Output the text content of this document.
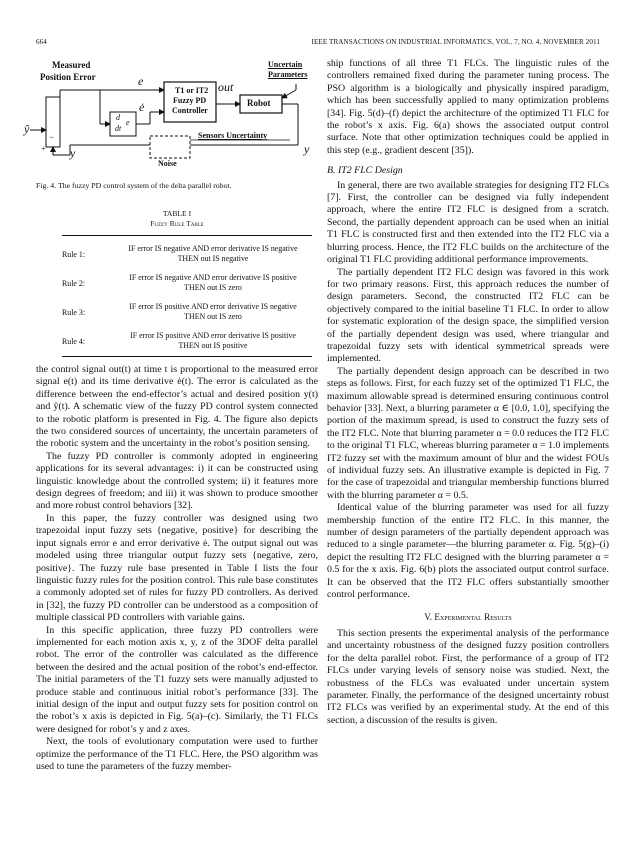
664	IEEE TRANSACTIONS ON INDUSTRIAL INFORMATICS, VOL. 7, NO. 4, NOVEMBER 2011
Measured
Position Error	e
ė
T1 or IT2
Fuzzy PD
Controller
out
Robot
Uncertain
Parameters
d
dt
e
Sensors Uncertainty
Noise
ŷ
y	y
−
+
Fig. 4. The fuzzy PD control system of the delta parallel robot.
TABLE I
Fuzzy Rule Table
Rule 1:
IF error IS negative AND error derivative IS negative
THEN out IS negative
Rule 2:
IF error IS negative AND error derivative IS positive
THEN out IS zero
Rule 3:
IF error IS positive AND error derivative IS negative
THEN out IS zero
Rule 4:
IF error IS positive AND error derivative IS positive
THEN out IS positive

the control signal out(t) at time t is proportional to the measured error signal e(t) and its time derivative ė(t). The error is calculated as the difference between the end-effector’s actual and desired position y(t) and ŷ(t). A schematic view of the fuzzy PD control system connected to the robotic platform is presented in Fig. 4. The figure also depicts the two considered sources of uncertainty, the uncertain parameters of the robotic system and the uncertainty in the robot’s position sensing.

The fuzzy PD controller is commonly adopted in engineering applications for its several advantages: i) it can be constructed using linguistic knowledge about the controlled system; ii) it features more design degrees of freedom; and iii) it was shown to produce smoother and more robust control behaviors [32].

In this paper, the fuzzy controller was designed using two trapezoidal input fuzzy sets {negative, positive} for describing the input signals error e and error derivative ė. The output signal out was modeled using three triangular output fuzzy sets {negative, zero, positive}. The fuzzy rule base presented in Table I lists the four linguistic fuzzy rules for the position control. This rule base constitutes a commonly adopted set of rules for fuzzy PD controllers. As derived in [32], the fuzzy PD controller can be understood as a composition of multiple classical PD controllers with variable gains.

In this specific application, three fuzzy PD controllers were implemented for each motion axis x, y, z of the 3DOF delta parallel robot. The error of the controller was calculated as the difference between the desired and the actual position of the robot’s end-effector. The initial parameters of the T1 fuzzy sets were manually adjusted to produce stable and continuous initial robot’s performance [33]. The initial design of the input and output fuzzy sets for position control on the robot’s x axis is depicted in Fig. 5(a)–(c). Similarly, the T1 FLCs were designed for robot’s y and z axes.

Next, the tools of evolutionary computation were used to further optimize the performance of the T1 FLC. Here, the PSO algorithm was used to tune the parameters of the fuzzy member-

ship functions of all three T1 FLCs. The linguistic rules of the controllers remained fixed during the parameter tuning process. The PSO algorithm is a biologically and physically inspired paradigm, which has been successfully applied to many optimization problems [34]. Fig. 5(d)–(f) depict the architecture of the optimized T1 FLC for the robot’s x axis. Fig. 6(a) shows the associated output control surface. Note that other optimization techniques could be applied in this step (e.g., gradient descent [35]).

B. IT2 FLC Design

In general, there are two available strategies for designing IT2 FLCs [7]. First, the controller can be designed via fully independent approach, where the entire IT2 FLC is designed from a scratch. Second, the partially dependent approach can be used when an initial T1 FLC is constructed first and then extended into the IT2 FLC via a blurring process. Hence, the IT2 FLC builds on the architecture of the original T1 FLC providing additional performance improvements.

The partially dependent IT2 FLC design was favored in this work for two primary reasons. First, this approach reduces the number of design parameters. Second, the constructed IT2 FLC can be objectively compared to the initial baseline T1 FLC. In order to allow for systematic exploration of the design space, the simplified version of the partially dependent design was used, where triangular and trapezoidal fuzzy sets with identical symmetrical spreads were implemented.

The partially dependent design approach can be described in two steps as follows. First, for each fuzzy set of the optimized T1 FLC, the maximum allowable spread is determined ensuring continuous control behavior [33]. Next, a blurring parameter α ∈ [0.0, 1.0], specifying the portion of the maximum spread, is used to construct the fuzzy sets of the IT2 FLC. Note that blurring parameter α = 0.0 reduces the IT2 FLC to the original T1 FLC, whereas blurring parameter α = 1.0 implements IT2 fuzzy set with the maximum amount of blur and the widest FOUs of individual fuzzy sets. An illustrative example is depicted in Fig. 7 for the case of trapezoidal and triangular membership functions blurred with the blurring parameter α = 0.5.

Identical value of the blurring parameter was used for all fuzzy membership function of the entire IT2 FLC. In this manner, the number of design parameters of the partially dependent approach was reduced to a single parameter—the blurring parameter α. Fig. 5(g)–(i) depict the resulting IT2 FLC designed with the blurring parameter α = 0.5 for the x axis. Fig. 6(b) plots the associated output control surface. It can be observed that the IT2 FLC offers substantially smoother control performance.

V. Experimental Results

This section presents the experimental analysis of the performance and uncertainty robustness of the designed fuzzy position controllers for the delta parallel robot. First, the performance of a group of IT2 FLCs under varying levels of sensory noise was studied. Next, the robustness of the FLCs was evaluated under uncertain system parameter. Finally, the performance of the designed uncertainty robust IT2 FLCs was verified by an experimental study. At the end of this section, a discussion of the results is given.
